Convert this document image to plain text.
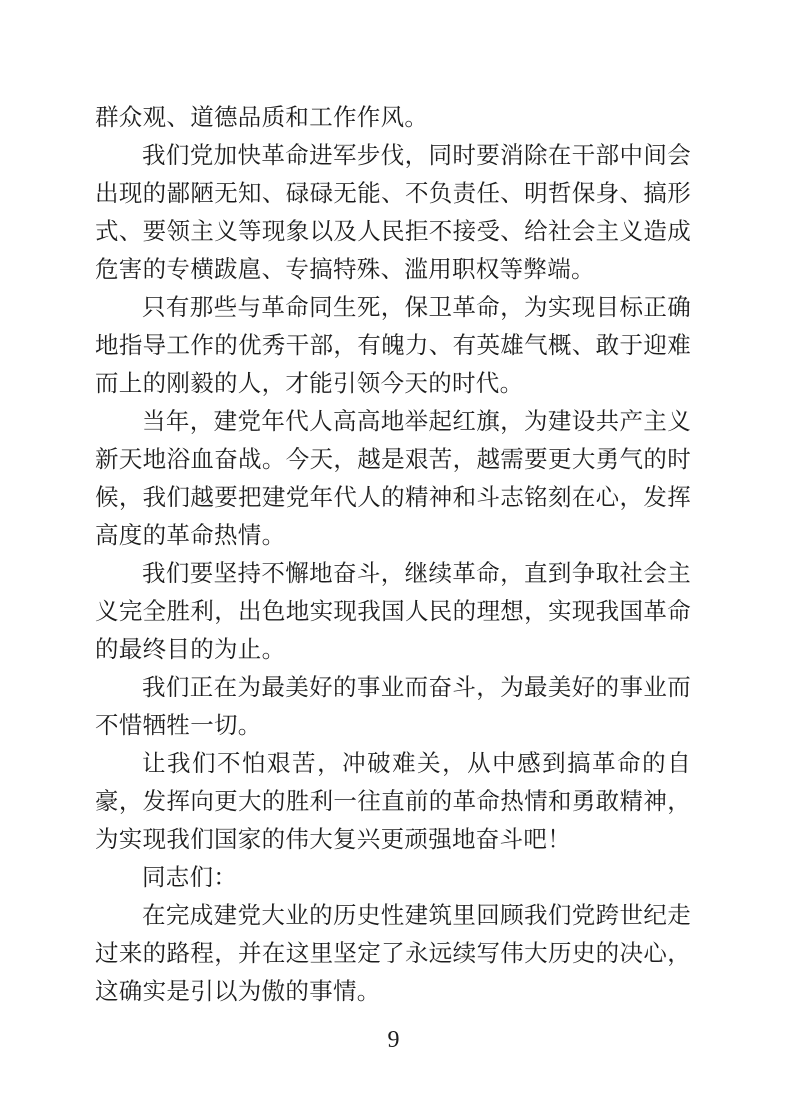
群众观、道德品质和工作作风。

我们党加快革命进军步伐，同时要消除在干部中间会出现的鄙陋无知、碌碌无能、不负责任、明哲保身、搞形式、要领主义等现象以及人民拒不接受、给社会主义造成危害的专横跋扈、专搞特殊、滥用职权等弊端。

只有那些与革命同生死，保卫革命，为实现目标正确地指导工作的优秀干部，有魄力、有英雄气概、敢于迎难而上的刚毅的人，才能引领今天的时代。

当年，建党年代人高高地举起红旗，为建设共产主义新天地浴血奋战。今天，越是艰苦，越需要更大勇气的时候，我们越要把建党年代人的精神和斗志铭刻在心，发挥高度的革命热情。

我们要坚持不懈地奋斗，继续革命，直到争取社会主义完全胜利，出色地实现我国人民的理想，实现我国革命的最终目的为止。

我们正在为最美好的事业而奋斗，为最美好的事业而不惜牺牲一切。

让我们不怕艰苦，冲破难关，从中感到搞革命的自豪，发挥向更大的胜利一往直前的革命热情和勇敢精神，为实现我们国家的伟大复兴更顽强地奋斗吧！

同志们：

在完成建党大业的历史性建筑里回顾我们党跨世纪走过来的路程，并在这里坚定了永远续写伟大历史的决心，这确实是引以为傲的事情。

9
